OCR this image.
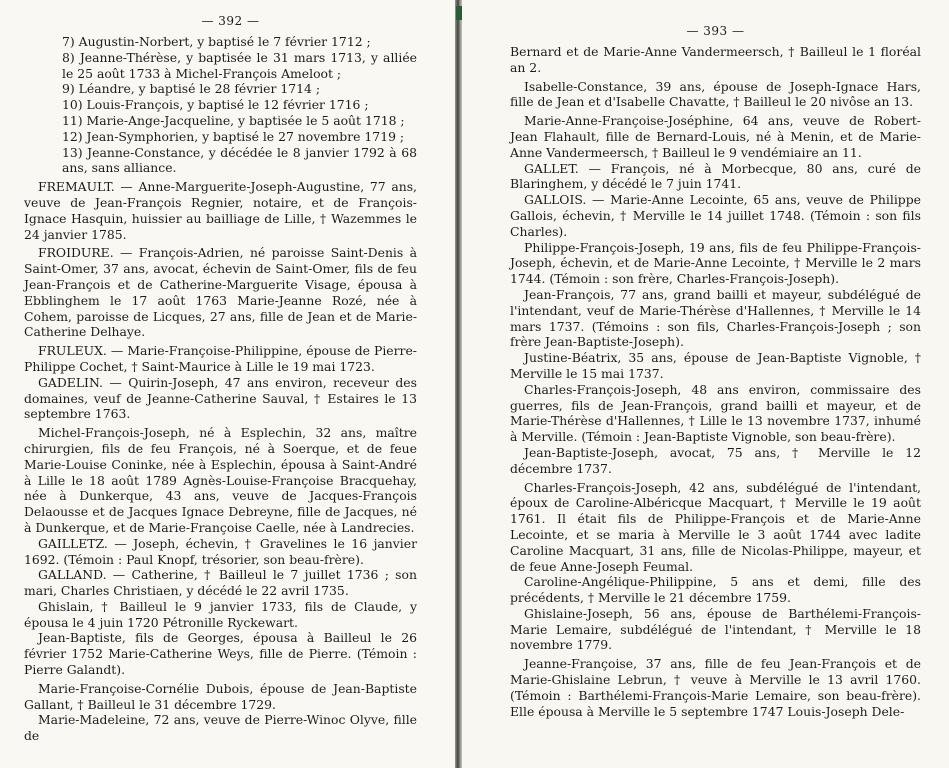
— 392 —

7) Augustin-Norbert, y baptisé le 7 février 1712 ;

8) Jeanne-Thérèse, y baptisée le 31 mars 1713, y alliée le 25 août 1733 à Michel-François Ameloot ;

9) Léandre, y baptisé le 28 février 1714 ;

10) Louis-François, y baptisé le 12 février 1716 ;

11) Marie-Ange-Jacqueline, y baptisée le 5 août 1718 ;

12) Jean-Symphorien, y baptisé le 27 novembre 1719 ;

13) Jeanne-Constance, y décédée le 8 janvier 1792 à 68 ans, sans alliance.

FREMAULT. — Anne-Marguerite-Joseph-Augustine, 77 ans, veuve de Jean-François Regnier, notaire, et de François-Ignace Hasquin, huissier au bailliage de Lille, † Wazemmes le 24 janvier 1785.

FROIDURE. — François-Adrien, né paroisse Saint-Denis à Saint-Omer, 37 ans, avocat, échevin de Saint-Omer, fils de feu Jean-François et de Catherine-Marguerite Visage, épousa à Ebblinghem le 17 août 1763 Marie-Jeanne Rozé, née à Cohem, paroisse de Licques, 27 ans, fille de Jean et de Marie-Catherine Delhaye.

FRULEUX. — Marie-Françoise-Philippine, épouse de Pierre-Philippe Cochet, † Saint-Maurice à Lille le 19 mai 1723.

GADELIN. — Quirin-Joseph, 47 ans environ, receveur des domaines, veuf de Jeanne-Catherine Sauval, † Estaires le 13 septembre 1763.

Michel-François-Joseph, né à Esplechin, 32 ans, maître chirurgien, fils de feu François, né à Soerque, et de feue Marie-Louise Coninke, née à Esplechin, épousa à Saint-André à Lille le 18 août 1789 Agnès-Louise-Françoise Bracquehay, née à Dunkerque, 43 ans, veuve de Jacques-François Delaousse et de Jacques Ignace Debreyne, fille de Jacques, né à Dunkerque, et de Marie-Françoise Caelle, née à Landrecies.

GAILLETZ. — Joseph, échevin, † Gravelines le 16 janvier 1692. (Témoin : Paul Knopf, trésorier, son beau-frère).

GALLAND. — Catherine, † Bailleul le 7 juillet 1736 ; son mari, Charles Christiaen, y décédé le 22 avril 1735.

Ghislain, † Bailleul le 9 janvier 1733, fils de Claude, y épousa le 4 juin 1720 Pétronille Ryckewart.

Jean-Baptiste, fils de Georges, épousa à Bailleul le 26 février 1752 Marie-Catherine Weys, fille de Pierre. (Témoin : Pierre Galandt).

Marie-Françoise-Cornélie Dubois, épouse de Jean-Baptiste Gallant, † Bailleul le 31 décembre 1729.

Marie-Madeleine, 72 ans, veuve de Pierre-Winoc Olyve, fille de

— 393 —

Bernard et de Marie-Anne Vandermeersch, † Bailleul le 1 floréal an 2.

Isabelle-Constance, 39 ans, épouse de Joseph-Ignace Hars, fille de Jean et d'Isabelle Chavatte, † Bailleul le 20 nivôse an 13.

Marie-Anne-Françoise-Joséphine, 64 ans, veuve de Robert-Jean Flahault, fille de Bernard-Louis, né à Menin, et de Marie-Anne Vandermeersch, † Bailleul le 9 vendémiaire an 11.

GALLET. — François, né à Morbecque, 80 ans, curé de Blaringhem, y décédé le 7 juin 1741.

GALLOIS. — Marie-Anne Lecointe, 65 ans, veuve de Philippe Gallois, échevin, † Merville le 14 juillet 1748. (Témoin : son fils Charles).

Philippe-François-Joseph, 19 ans, fils de feu Philippe-François-Joseph, échevin, et de Marie-Anne Lecointe, † Merville le 2 mars 1744. (Témoin : son frère, Charles-François-Joseph).

Jean-François, 77 ans, grand bailli et mayeur, subdélégué de l'intendant, veuf de Marie-Thérèse d'Hallennes, † Merville le 14 mars 1737. (Témoins : son fils, Charles-François-Joseph ; son frère Jean-Baptiste-Joseph).

Justine-Béatrix, 35 ans, épouse de Jean-Baptiste Vignoble, † Merville le 15 mai 1737.

Charles-François-Joseph, 48 ans environ, commissaire des guerres, fils de Jean-François, grand bailli et mayeur, et de Marie-Thérèse d'Hallennes, † Lille le 13 novembre 1737, inhumé à Merville. (Témoin : Jean-Baptiste Vignoble, son beau-frère).

Jean-Baptiste-Joseph, avocat, 75 ans, † Merville le 12 décembre 1737.

Charles-François-Joseph, 42 ans, subdélégué de l'intendant, époux de Caroline-Albéricque Macquart, † Merville le 19 août 1761. Il était fils de Philippe-François et de Marie-Anne Lecointe, et se maria à Merville le 3 août 1744 avec ladite Caroline Macquart, 31 ans, fille de Nicolas-Philippe, mayeur, et de feue Anne-Joseph Feumal.

Caroline-Angélique-Philippine, 5 ans et demi, fille des précédents, † Merville le 21 décembre 1759.

Ghislaine-Joseph, 56 ans, épouse de Barthélemi-François-Marie Lemaire, subdélégué de l'intendant, † Merville le 18 novembre 1779.

Jeanne-Françoise, 37 ans, fille de feu Jean-François et de Marie-Ghislaine Lebrun, † veuve à Merville le 13 avril 1760. (Témoin : Barthélemi-François-Marie Lemaire, son beau-frère). Elle épousa à Merville le 5 septembre 1747 Louis-Joseph Dele-
